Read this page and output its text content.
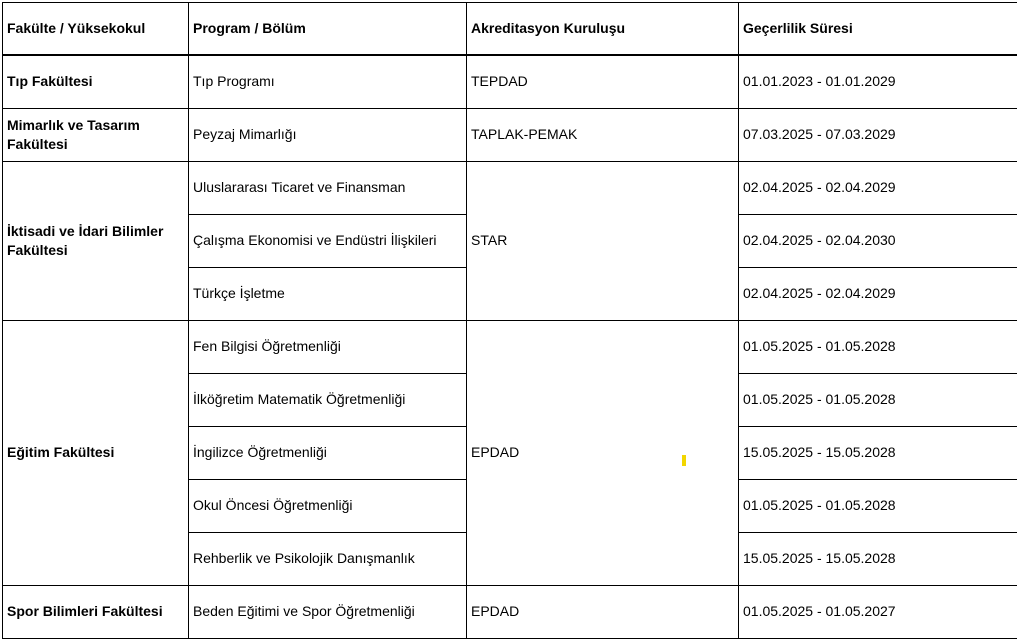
Fakülte / Yüksekokul	Program / Bölüm	Akreditasyon Kuruluşu	Geçerlilik Süresi
Tıp Fakültesi	Tıp Programı	TEPDAD	01.01.2023 - 01.01.2029
Mimarlık ve Tasarım Fakültesi	Peyzaj Mimarlığı	TAPLAK-PEMAK	07.03.2025 - 07.03.2029
İktisadi ve İdari Bilimler Fakültesi	Uluslararası Ticaret ve Finansman	STAR	02.04.2025 - 02.04.2029
	Çalışma Ekonomisi ve Endüstri İlişkileri		02.04.2025 - 02.04.2030
	Türkçe İşletme		02.04.2025 - 02.04.2029
Eğitim Fakültesi	Fen Bilgisi Öğretmenliği	EPDAD	01.05.2025 - 01.05.2028
	İlköğretim Matematik Öğretmenliği		01.05.2025 - 01.05.2028
	İngilizce Öğretmenliği		15.05.2025 - 15.05.2028
	Okul Öncesi Öğretmenliği		01.05.2025 - 01.05.2028
	Rehberlik ve Psikolojik Danışmanlık		15.05.2025 - 15.05.2028
Spor Bilimleri Fakültesi	Beden Eğitimi ve Spor Öğretmenliği	EPDAD	01.05.2025 - 01.05.2027
